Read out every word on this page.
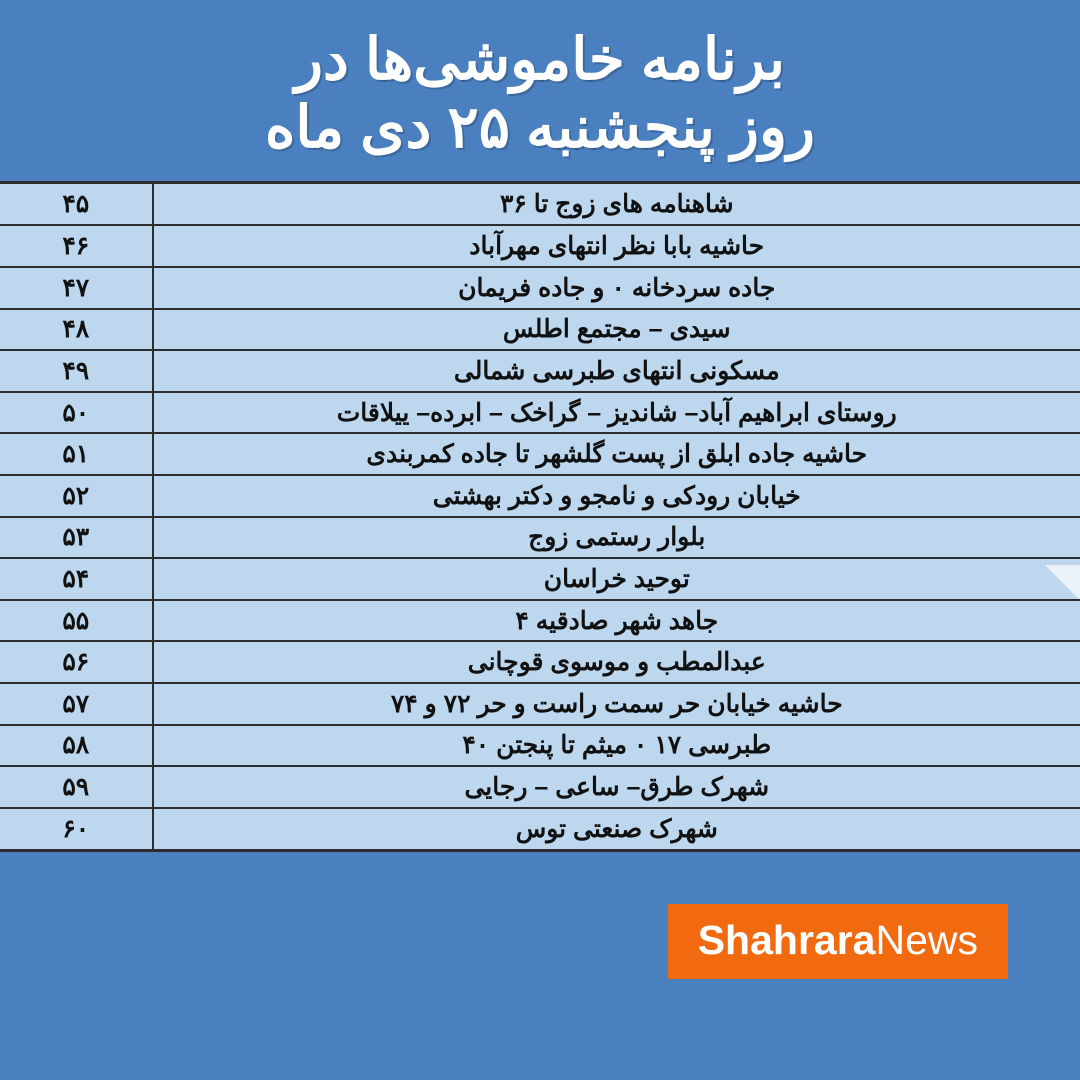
برنامه خاموشی‌ها در
روز پنجشنبه ۲۵ دی ماه
شاهنامه های زوج تا ۳۶	۴۵
حاشیه بابا نظر انتهای مهرآباد	۴۶
جاده سردخانه ۰ و جاده فریمان	۴۷
سیدی – مجتمع اطلس	۴۸
مسکونی انتهای طبرسی شمالی	۴۹
روستای ابراهیم آباد– شاندیز – گراخک – ابرده– ییلاقات	۵۰
حاشیه جاده ابلق از پست گلشهر تا جاده کمربندی	۵۱
خیابان رودکی و نامجو و دکتر بهشتی	۵۲
بلوار رستمی زوج	۵۳
توحید خراسان	۵۴
جاهد شهر صادقیه ۴	۵۵
عبدالمطب و موسوی قوچانی	۵۶
حاشیه خیابان حر سمت راست و حر ۷۲ و ۷۴	۵۷
طبرسی ۱۷ ۰ میثم تا پنجتن ۴۰	۵۸
شهرک طرق– ساعی – رجایی	۵۹
شهرک صنعتی توس	۶۰
ShahraraNews
